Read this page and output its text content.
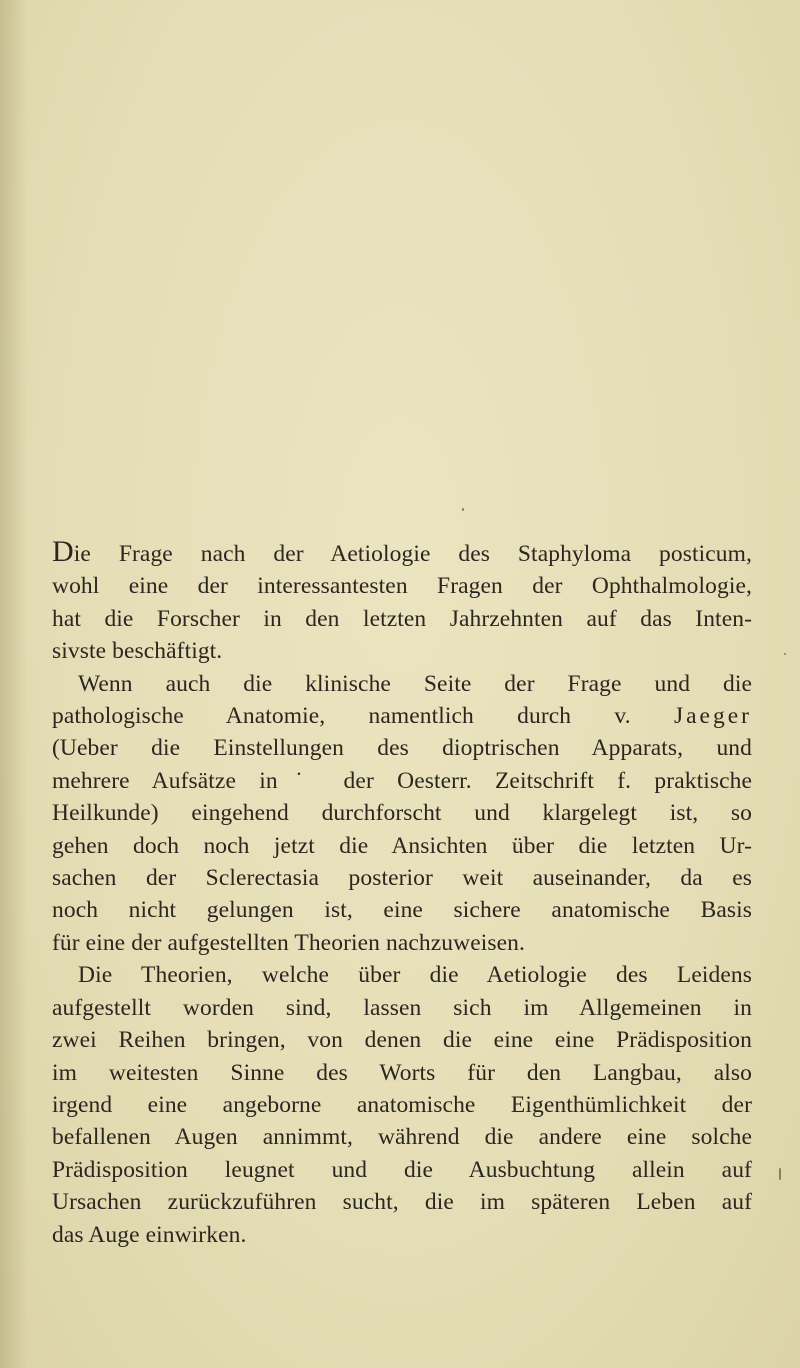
Die Frage nach der Aetiologie des Staphyloma posticum,
wohl eine der interessantesten Fragen der Ophthalmologie,
hat die Forscher in den letzten Jahrzehnten auf das Inten-
sivste beschäftigt.

Wenn auch die klinische Seite der Frage und die
pathologische Anatomie, namentlich durch v. Jaeger
(Ueber die Einstellungen des dioptrischen Apparats, und
mehrere Aufsätze in˙ der Oesterr. Zeitschrift f. praktische
Heilkunde) eingehend durchforscht und klargelegt ist, so
gehen doch noch jetzt die Ansichten über die letzten Ur-
sachen der Sclerectasia posterior weit auseinander, da es
noch nicht gelungen ist, eine sichere anatomische Basis
für eine der aufgestellten Theorien nachzuweisen.

Die Theorien, welche über die Aetiologie des Leidens
aufgestellt worden sind, lassen sich im Allgemeinen in
zwei Reihen bringen, von denen die eine eine Prädisposition
im weitesten Sinne des Worts für den Langbau, also
irgend eine angeborne anatomische Eigenthümlichkeit der
befallenen Augen annimmt, während die andere eine solche
Prädisposition leugnet und die Ausbuchtung allein auf
Ursachen zurückzuführen sucht, die im späteren Leben auf
das Auge einwirken.
